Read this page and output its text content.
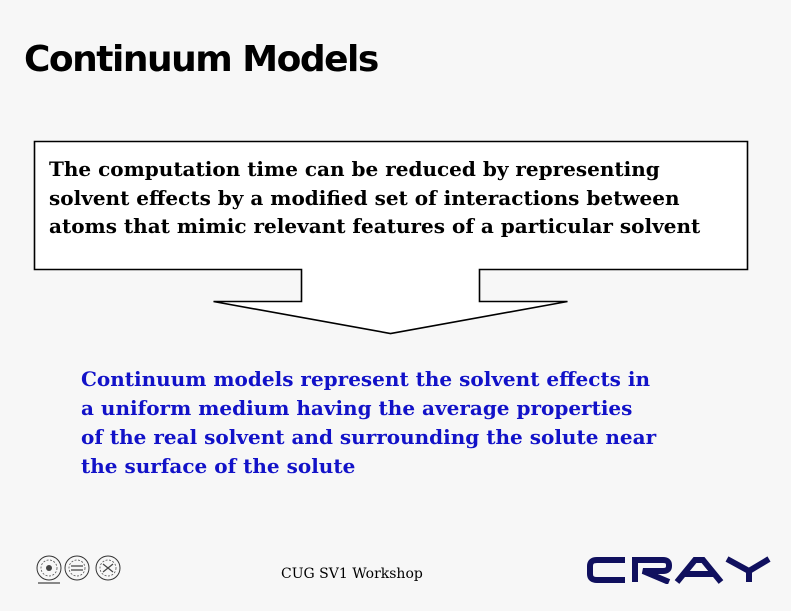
Continuum Models

The computation time can be reduced by representing
solvent effects by a modified set of interactions between
atoms that mimic relevant features of a particular solvent

Continuum models represent the solvent effects in
a uniform medium having the average properties
of the real solvent and surrounding the solute near
the surface of the solute

CUG SV1 Workshop
